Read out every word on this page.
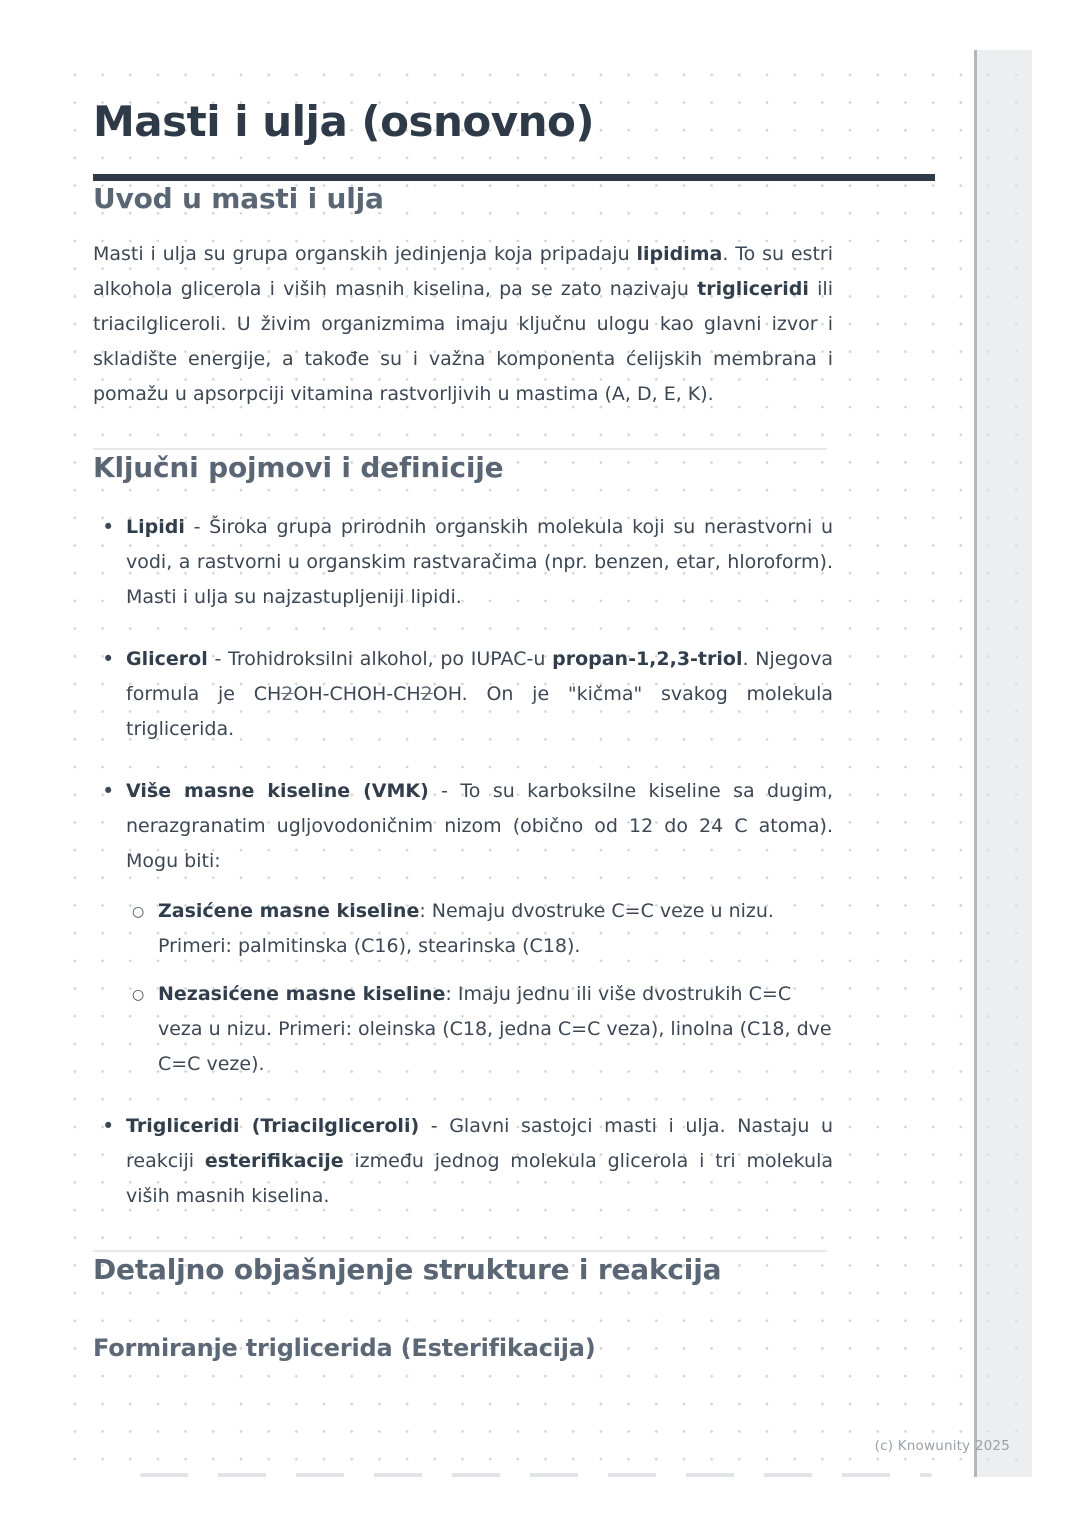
Masti i ulja (osnovno)
Uvod u masti i ulja

Masti i ulja su grupa organskih jedinjenja koja pripadaju lipidima. To su estri alkohola glicerola i viših masnih kiselina, pa se zato nazivaju trigliceridi ili triacilgliceroli. U živim organizmima imaju ključnu ulogu kao glavni izvor i skladište energije, a takođe su i važna komponenta ćelijskih membrana i pomažu u apsorpciji vitamina rastvorljivih u mastima (A, D, E, K).

Ključni pojmovi i definicije
• Lipidi - Široka grupa prirodnih organskih molekula koji su nerastvorni u vodi, a rastvorni u organskim rastvaračima (npr. benzen, etar, hloroform). Masti i ulja su najzastupljeniji lipidi.
• Glicerol - Trohidroksilni alkohol, po IUPAC-u propan-1,2,3-triol. Njegova formula je CH2OH-CHOH-CH2OH. On je "kičma" svakog molekula triglicerida.
• Više masne kiseline (VMK) - To su karboksilne kiseline sa dugim, nerazgranatim ugljovodoničnim nizom (obično od 12 do 24 C atoma). Mogu biti:
○ Zasićene masne kiseline: Nemaju dvostruke C=C veze u nizu. Primeri: palmitinska (C16), stearinska (C18).
○ Nezasićene masne kiseline: Imaju jednu ili više dvostrukih C=C veza u nizu. Primeri: oleinska (C18, jedna C=C veza), linolna (C18, dve C=C veze).
• Trigliceridi (Triacilgliceroli) - Glavni sastojci masti i ulja. Nastaju u reakciji esterifikacije između jednog molekula glicerola i tri molekula viših masnih kiselina.
Detaljno objašnjenje strukture i reakcija
Formiranje triglicerida (Esterifikacija)
(c) Knowunity 2025
